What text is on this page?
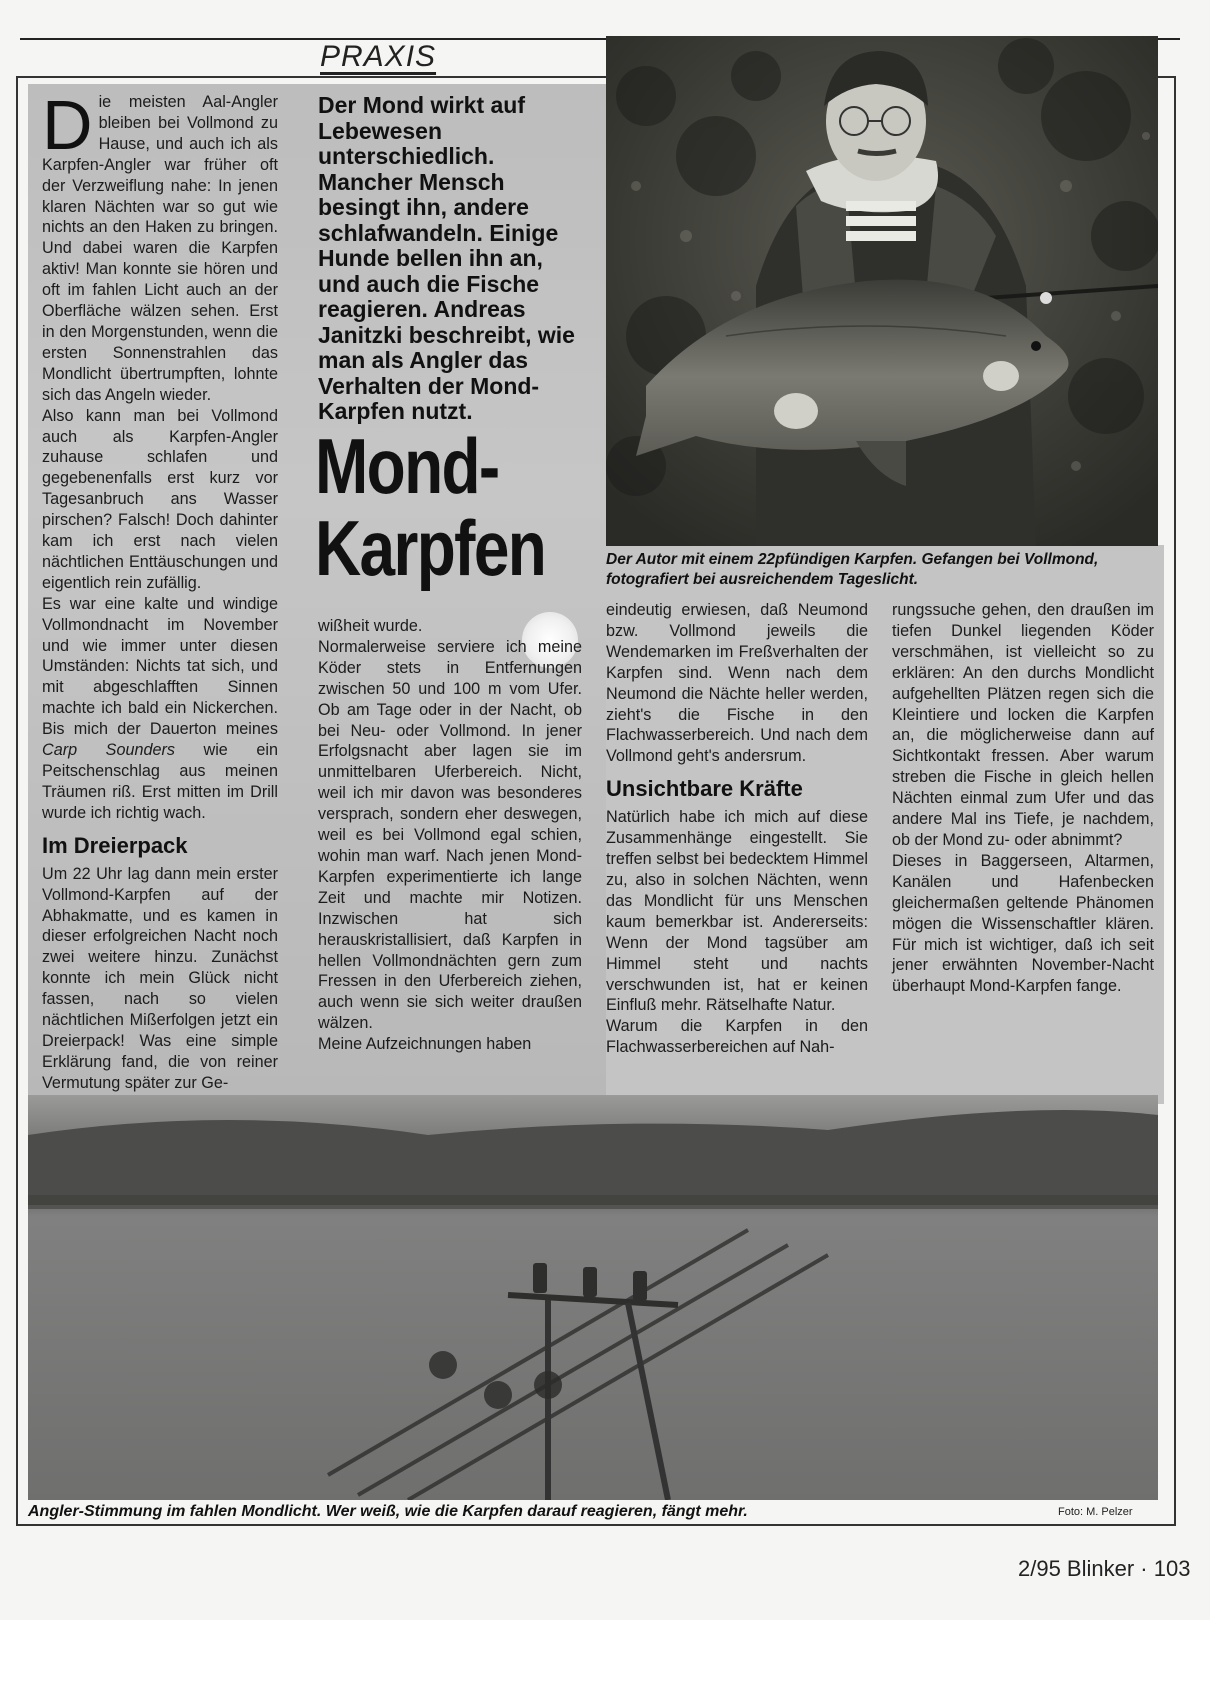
PRAXIS

Die meisten Aal-Angler bleiben bei Vollmond zu Hause, und auch ich als Karpfen-Angler war früher oft der Verzweiflung nahe: In jenen klaren Nächten war so gut wie nichts an den Haken zu bringen. Und dabei waren die Karpfen aktiv! Man konnte sie hören und oft im fahlen Licht auch an der Oberfläche wälzen sehen. Erst in den Morgenstunden, wenn die ersten Sonnenstrahlen das Mondlicht übertrumpften, lohnte sich das Angeln wieder.

Also kann man bei Vollmond auch als Karpfen-Angler zuhause schlafen und gegebenenfalls erst kurz vor Tagesanbruch ans Wasser pirschen? Falsch! Doch dahinter kam ich erst nach vielen nächtlichen Enttäuschungen und eigentlich rein zufällig.

Es war eine kalte und windige Vollmondnacht im November und wie immer unter diesen Umständen: Nichts tat sich, und mit abgeschlafften Sinnen machte ich bald ein Nickerchen. Bis mich der Dauerton meines Carp Sounders wie ein Peitschenschlag aus meinen Träumen riß. Erst mitten im Drill wurde ich richtig wach.

Im Dreierpack

Um 22 Uhr lag dann mein erster Vollmond-Karpfen auf der Abhakmatte, und es kamen in dieser erfolgreichen Nacht noch zwei weitere hinzu. Zunächst konnte ich mein Glück nicht fassen, nach so vielen nächtlichen Mißerfolgen jetzt ein Dreierpack! Was eine simple Erklärung fand, die von reiner Vermutung später zur Ge-

Der Mond wirkt auf Lebewesen unterschiedlich. Mancher Mensch besingt ihn, andere schlafwandeln. Einige Hunde bellen ihn an, und auch die Fische reagieren. Andreas Janitzki beschreibt, wie man als Angler das Verhalten der Mond-Karpfen nutzt.
Mond-
Karpfen

wißheit wurde.

Normalerweise serviere ich meine Köder stets in Entfernungen zwischen 50 und 100 m vom Ufer. Ob am Tage oder in der Nacht, ob bei Neu- oder Vollmond. In jener Erfolgsnacht aber lagen sie im unmittelbaren Uferbereich. Nicht, weil ich mir davon was besonderes versprach, sondern eher deswegen, weil es bei Vollmond egal schien, wohin man warf. Nach jenen Mond-Karpfen experimentierte ich lange Zeit und machte mir Notizen. Inzwischen hat sich herauskristallisiert, daß Karpfen in hellen Vollmondnächten gern zum Fressen in den Uferbereich ziehen, auch wenn sie sich weiter draußen wälzen.

Meine Aufzeichnungen haben

Der Autor mit einem 22pfündigen Karpfen. Gefangen bei Vollmond, fotografiert bei ausreichendem Tageslicht.

eindeutig erwiesen, daß Neumond bzw. Vollmond jeweils die Wendemarken im Freßverhalten der Karpfen sind. Wenn nach dem Neumond die Nächte heller werden, zieht's die Fische in den Flachwasserbereich. Und nach dem Vollmond geht's andersrum.

Unsichtbare Kräfte

Natürlich habe ich mich auf diese Zusammenhänge eingestellt. Sie treffen selbst bei bedecktem Himmel zu, also in solchen Nächten, wenn das Mondlicht für uns Menschen kaum bemerkbar ist. Andererseits: Wenn der Mond tagsüber am Himmel steht und nachts verschwunden ist, hat er keinen Einfluß mehr. Rätselhafte Natur.

Warum die Karpfen in den Flachwasserbereichen auf Nah-

rungssuche gehen, den draußen im tiefen Dunkel liegenden Köder verschmähen, ist vielleicht so zu erklären: An den durchs Mondlicht aufgehellten Plätzen regen sich die Kleintiere und locken die Karpfen an, die möglicherweise dann auf Sichtkontakt fressen. Aber warum streben die Fische in gleich hellen Nächten einmal zum Ufer und das andere Mal ins Tiefe, je nachdem, ob der Mond zu- oder abnimmt?

Dieses in Baggerseen, Altarmen, Kanälen und Hafenbecken gleichermaßen geltende Phänomen mögen die Wissenschaftler klären. Für mich ist wichtiger, daß ich seit jener erwähnten November-Nacht überhaupt Mond-Karpfen fange.

Angler-Stimmung im fahlen Mondlicht. Wer weiß, wie die Karpfen darauf reagieren, fängt mehr.	Foto: M. Pelzer
2/95 Blinker · 103
